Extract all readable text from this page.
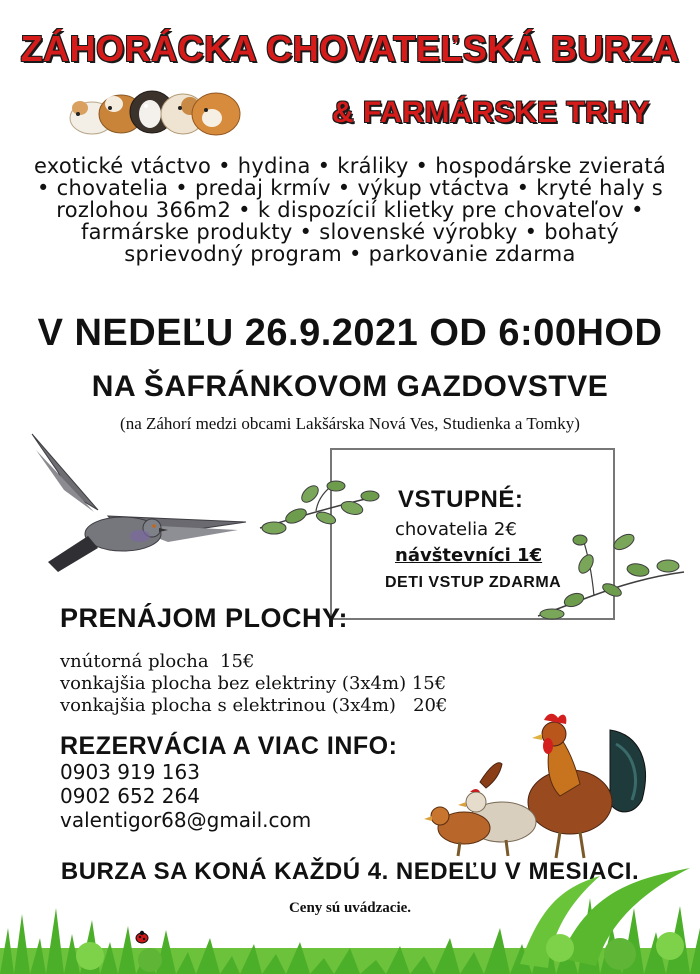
ZÁHORÁCKA CHOVATEĽSKÁ BURZA
& FARMÁRSKE TRHY
exotické vtáctvo • hydina • králiky • hospodárske zvieratá • chovatelia • predaj krmív • výkup vtáctva • kryté haly s rozlohou 366m2 • k dispozícií klietky pre chovateľov • farmárske produkty • slovenské výrobky • bohatý sprievodný program • parkovanie zdarma
V NEDEĽU 26.9.2021 OD 6:00HOD
NA ŠAFRÁNKOVOM GAZDOVSTVE
(na Záhorí medzi obcami Lakšárska Nová Ves, Studienka a Tomky)
VSTUPNÉ:
chovatelia 2€
návštevníci 1€
DETI VSTUP ZDARMA
PRENÁJOM PLOCHY:
vnútorná plocha  15€
vonkajšia plocha bez elektriny (3x4m) 15€
vonkajšia plocha s elektrinou (3x4m)   20€
REZERVÁCIA A VIAC INFO:
0903 919 163
0902 652 264
valentigor68@gmail.com
BURZA SA KONÁ KAŽDÚ 4. NEDEĽU V MESIACI.
Ceny sú uvádzacie.
